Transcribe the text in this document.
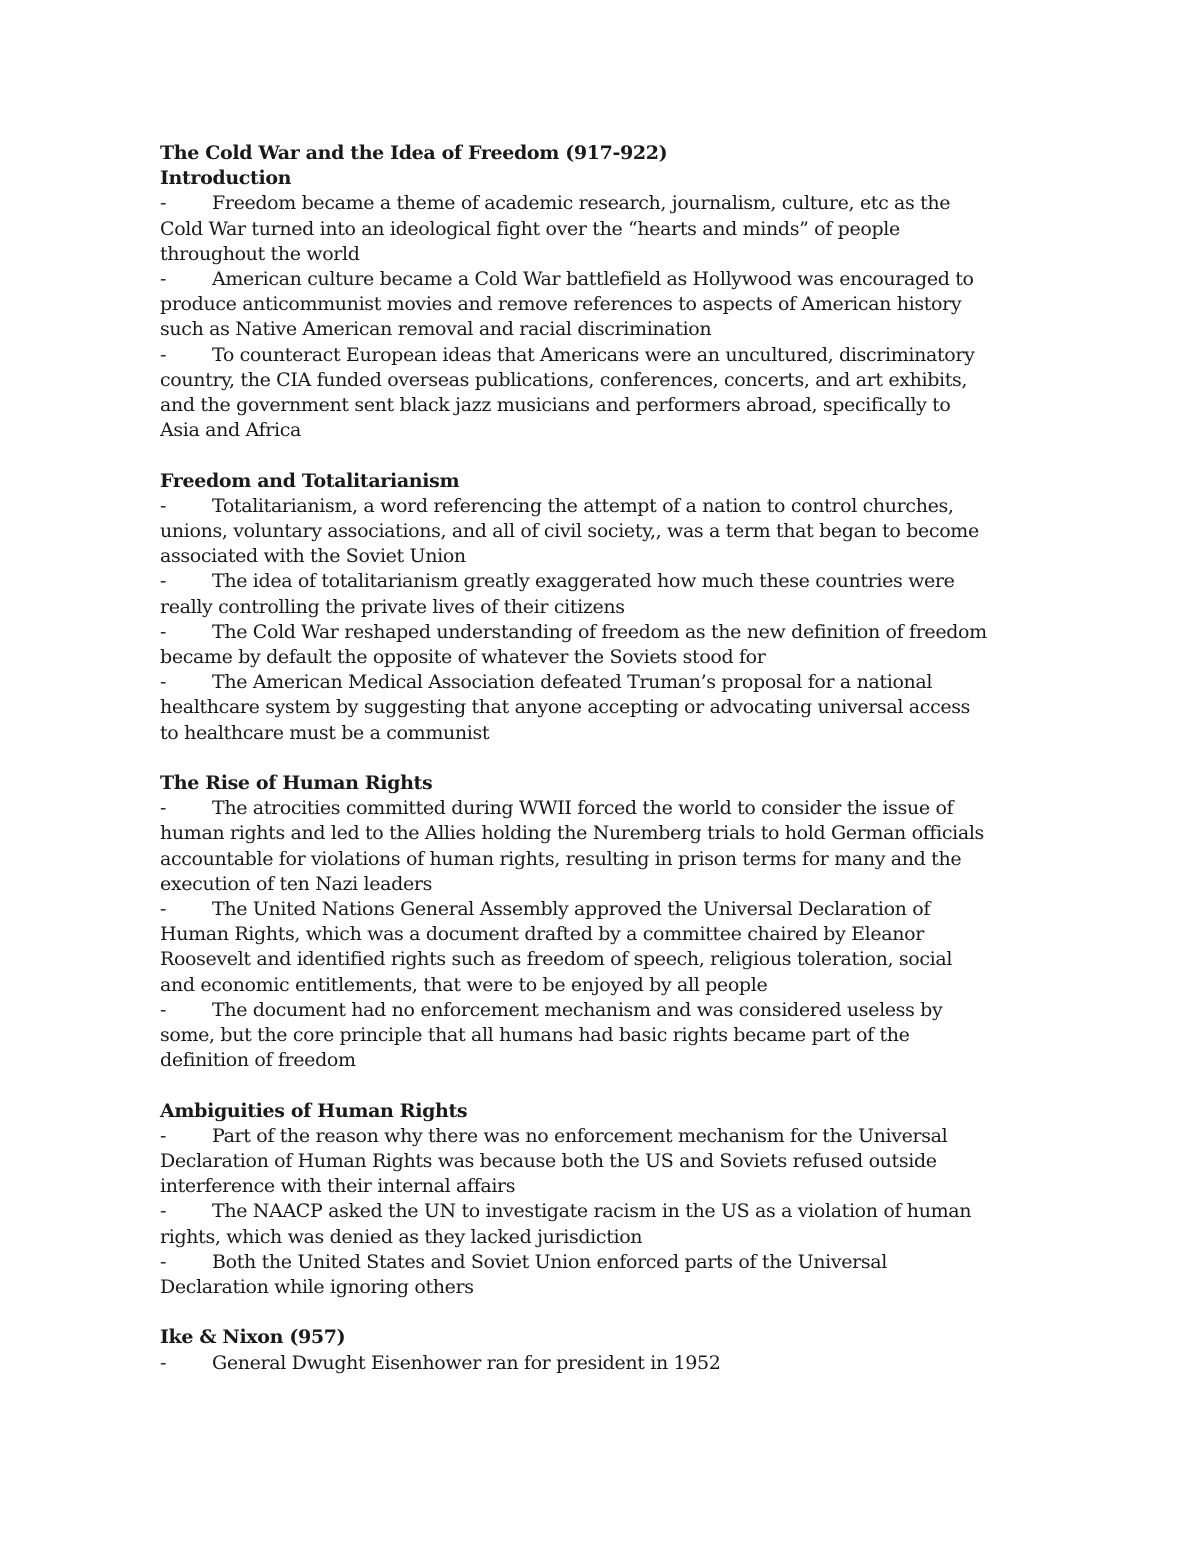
The Cold War and the Idea of Freedom (917-922)
Introduction

- Freedom became a theme of academic research, journalism, culture, etc as the Cold War turned into an ideological fight over the “hearts and minds” of people throughout the world

- American culture became a Cold War battlefield as Hollywood was encouraged to produce anticommunist movies and remove references to aspects of American history such as Native American removal and racial discrimination

- To counteract European ideas that Americans were an uncultured, discriminatory country, the CIA funded overseas publications, conferences, concerts, and art exhibits, and the government sent black jazz musicians and performers abroad, specifically to Asia and Africa

Freedom and Totalitarianism

- Totalitarianism, a word referencing the attempt of a nation to control churches, unions, voluntary associations, and all of civil society,, was a term that began to become associated with the Soviet Union

- The idea of totalitarianism greatly exaggerated how much these countries were really controlling the private lives of their citizens

- The Cold War reshaped understanding of freedom as the new definition of freedom became by default the opposite of whatever the Soviets stood for

- The American Medical Association defeated Truman’s proposal for a national healthcare system by suggesting that anyone accepting or advocating universal access to healthcare must be a communist

The Rise of Human Rights

- The atrocities committed during WWII forced the world to consider the issue of human rights and led to the Allies holding the Nuremberg trials to hold German officials accountable for violations of human rights, resulting in prison terms for many and the execution of ten Nazi leaders

- The United Nations General Assembly approved the Universal Declaration of Human Rights, which was a document drafted by a committee chaired by Eleanor Roosevelt and identified rights such as freedom of speech, religious toleration, social and economic entitlements, that were to be enjoyed by all people

- The document had no enforcement mechanism and was considered useless by some, but the core principle that all humans had basic rights became part of the definition of freedom

Ambiguities of Human Rights

- Part of the reason why there was no enforcement mechanism for the Universal Declaration of Human Rights was because both the US and Soviets refused outside interference with their internal affairs

- The NAACP asked the UN to investigate racism in the US as a violation of human rights, which was denied as they lacked jurisdiction

- Both the United States and Soviet Union enforced parts of the Universal Declaration while ignoring others

Ike & Nixon (957)

- General Dwught Eisenhower ran for president in 1952
